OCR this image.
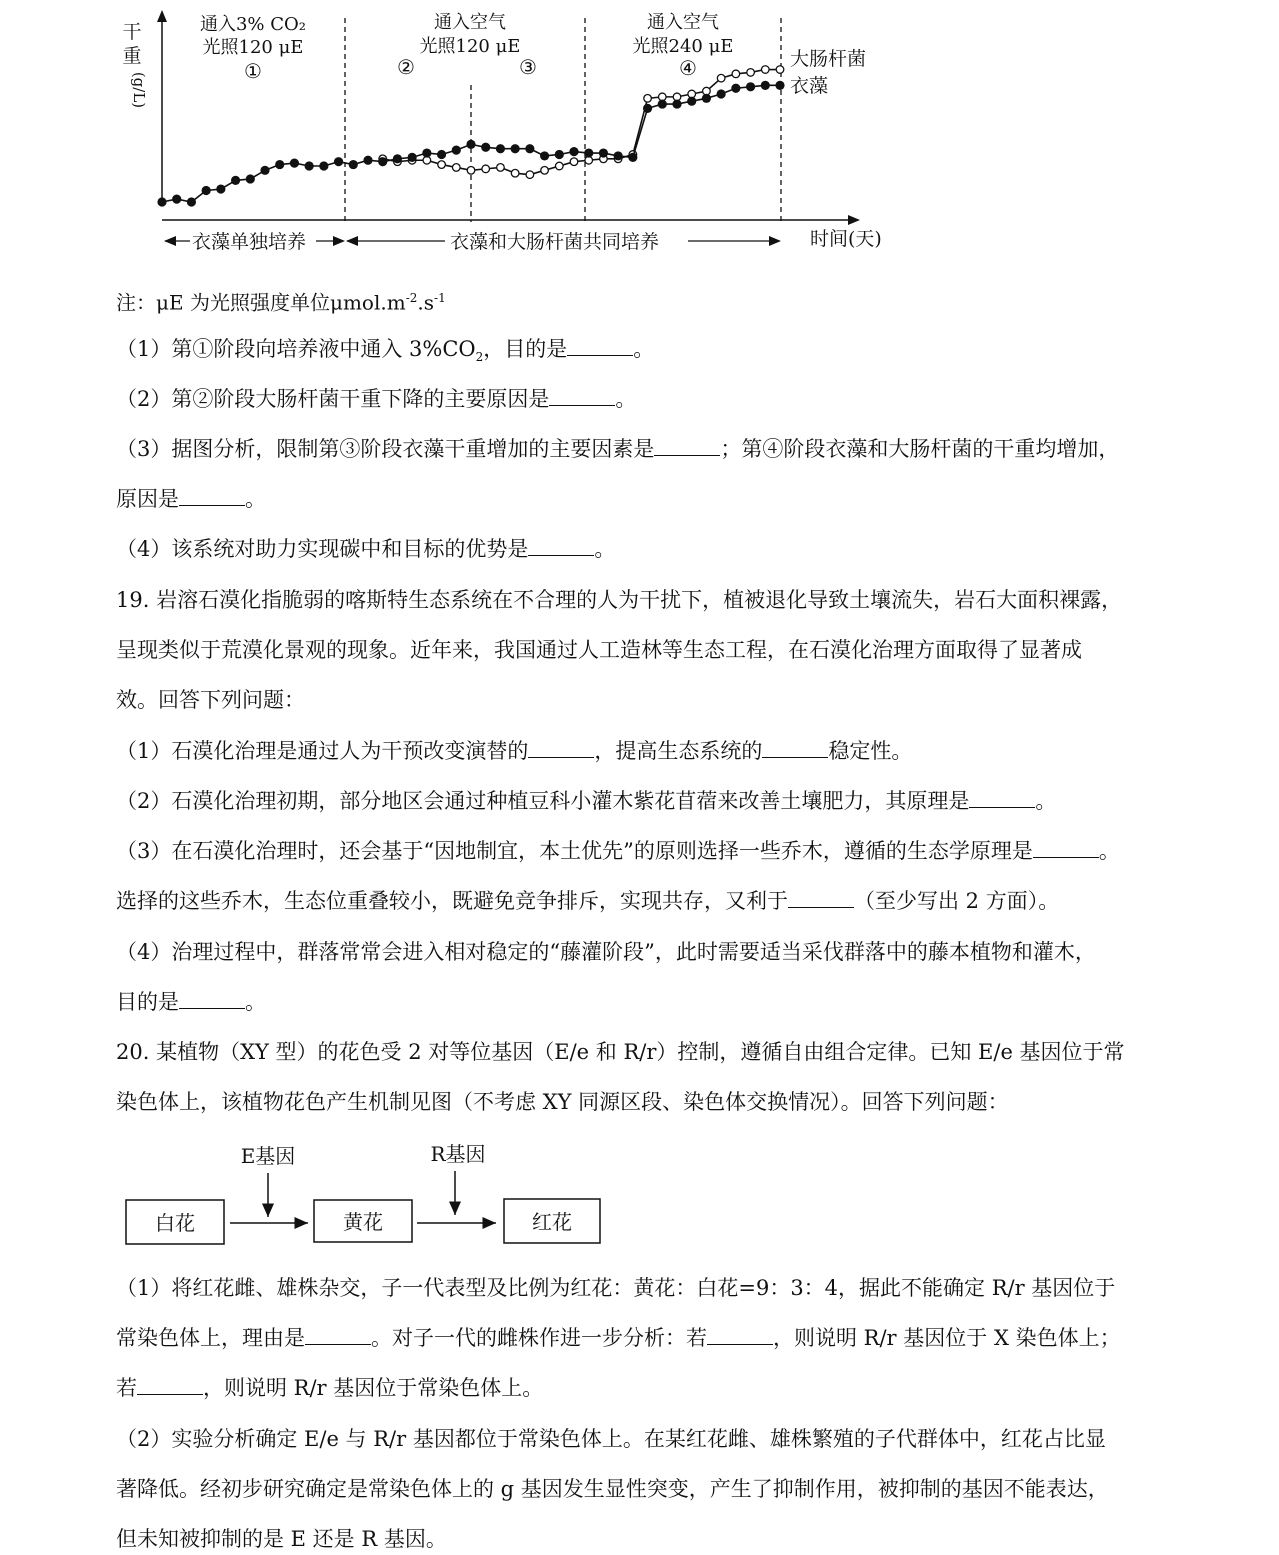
干
重
(g/L)
通入3% CO₂
光照120 μE
①
通入空气
光照120 μE
②	③
通入空气
光照240 μE
④	大肠杆菌
衣藻
衣藻单独培养	衣藻和大肠杆菌共同培养	时间(天)
注：μE 为光照强度单位$\mu mol.m^{-2}.s^{-1}$
（1）第①阶段向培养液中通入 $3\%CO_2$，目的是	。
（2）第②阶段大肠杆菌干重下降的主要原因是	。
（3）据图分析，限制第③阶段衣藻干重增加的主要因素是	；第④阶段衣藻和大肠杆菌的干重均增加，
原因是	。
（4）该系统对助力实现碳中和目标的优势是	。
19. 岩溶石漠化指脆弱的喀斯特生态系统在不合理的人为干扰下，植被退化导致土壤流失，岩石大面积裸露，
呈现类似于荒漠化景观的现象。近年来，我国通过人工造林等生态工程，在石漠化治理方面取得了显著成
效。回答下列问题：
（1）石漠化治理是通过人为干预改变演替的	，提高生态系统的	稳定性。
（2）石漠化治理初期，部分地区会通过种植豆科小灌木紫花苜蓿来改善土壤肥力，其原理是	。
（3）在石漠化治理时，还会基于“因地制宜，本土优先”的原则选择一些乔木，遵循的生态学原理是	。
选择的这些乔木，生态位重叠较小，既避免竞争排斥，实现共存，又利于	（至少写出 2 方面）。
（4）治理过程中，群落常常会进入相对稳定的“藤灌阶段”，此时需要适当采伐群落中的藤本植物和灌木，
目的是	。
20. 某植物（XY 型）的花色受 2 对等位基因（E/e 和 R/r）控制，遵循自由组合定律。已知 E/e 基因位于常
染色体上，该植物花色产生机制见图（不考虑 XY 同源区段、染色体交换情况）。回答下列问题：
E基因	R基因
白花	黄花	红花
（1）将红花雌、雄株杂交，子一代表型及比例为红花：黄花：白花=9：3：4，据此不能确定 R/r 基因位于
常染色体上，理由是	。对子一代的雌株作进一步分析：若	，则说明 R/r 基因位于 X 染色体上；
若	，则说明 R/r 基因位于常染色体上。
（2）实验分析确定 E/e 与 R/r 基因都位于常染色体上。在某红花雌、雄株繁殖的子代群体中，红花占比显
著降低。经初步研究确定是常染色体上的 g 基因发生显性突变，产生了抑制作用，被抑制的基因不能表达，
但未知被抑制的是 E 还是 R 基因。
